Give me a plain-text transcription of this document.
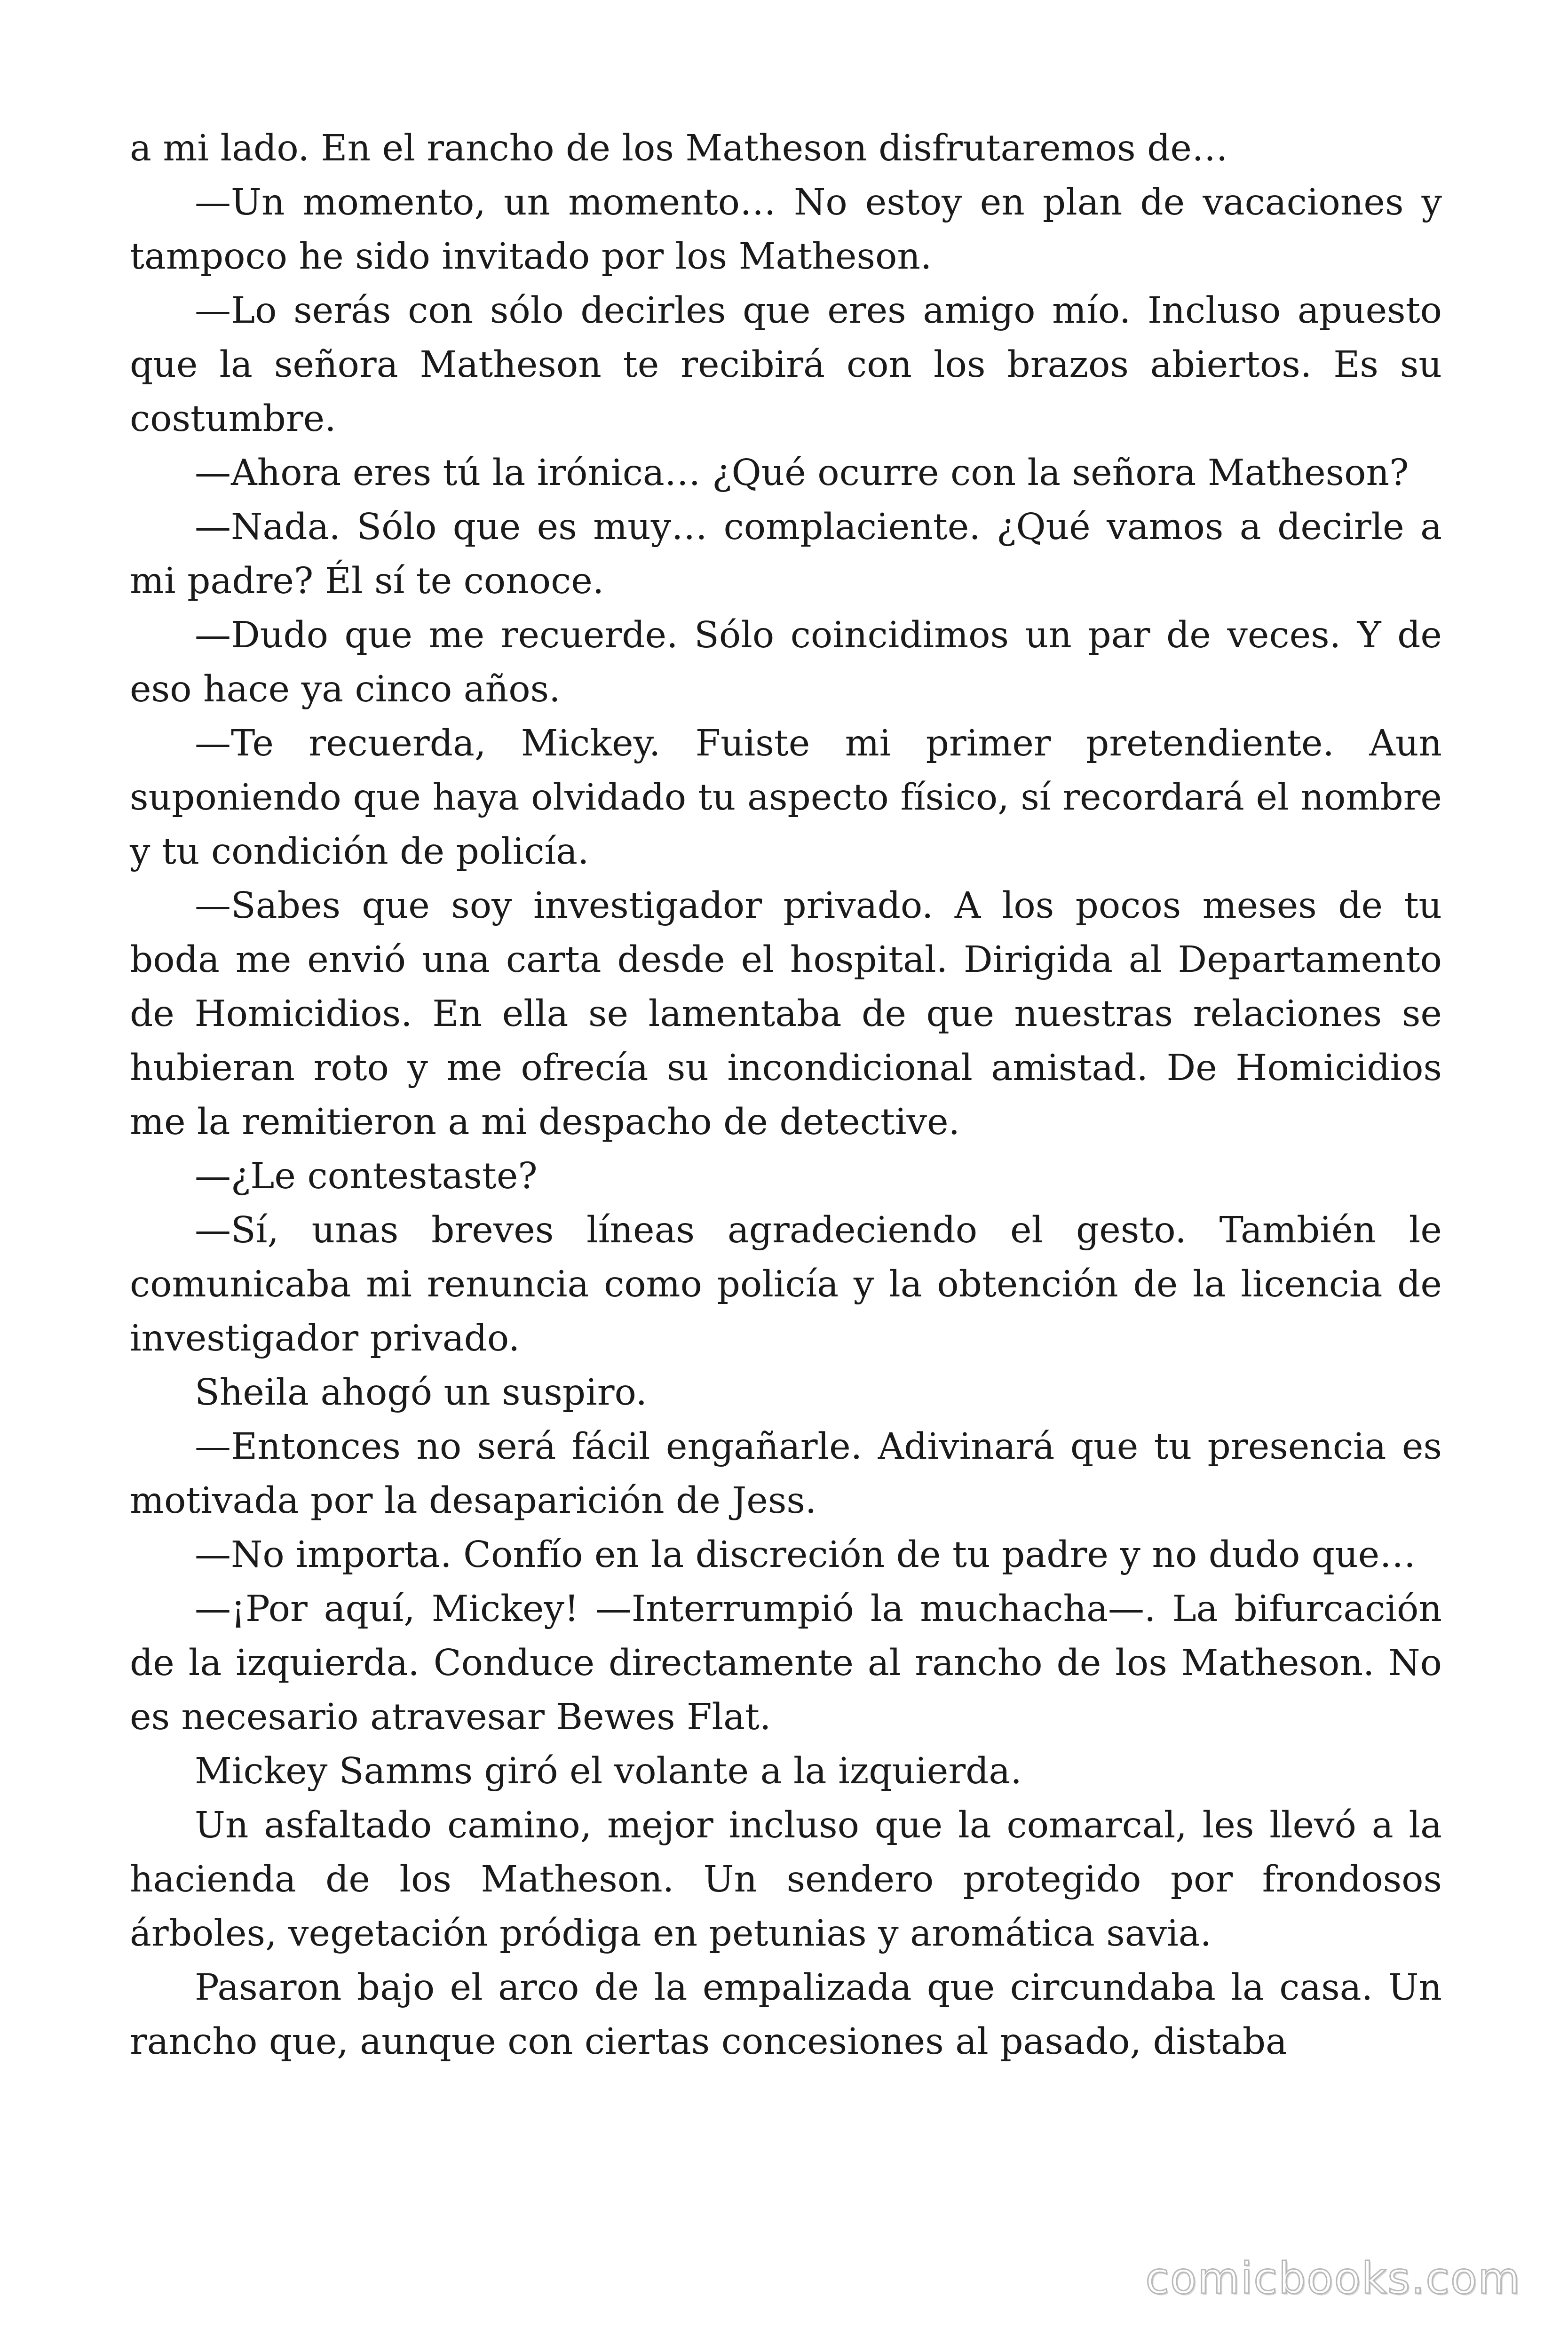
a mi lado. En el rancho de los Matheson disfrutaremos de…

—Un momento, un momento… No estoy en plan de vacaciones y tampoco he sido invitado por los Matheson.

—Lo serás con sólo decirles que eres amigo mío. Incluso apuesto que la señora Matheson te recibirá con los brazos abiertos. Es su costumbre.

—Ahora eres tú la irónica… ¿Qué ocurre con la señora Matheson?

—Nada. Sólo que es muy… complaciente. ¿Qué vamos a decirle a mi padre? Él sí te conoce.

—Dudo que me recuerde. Sólo coincidimos un par de veces. Y de eso hace ya cinco años.

—Te recuerda, Mickey. Fuiste mi primer pretendiente. Aun suponiendo que haya olvidado tu aspecto físico, sí recordará el nombre y tu condición de policía.

—Sabes que soy investigador privado. A los pocos meses de tu boda me envió una carta desde el hospital. Dirigida al Departamento de Homicidios. En ella se lamentaba de que nuestras relaciones se hubieran roto y me ofrecía su incondicional amistad. De Homicidios me la remitieron a mi despacho de detective.

—¿Le contestaste?

—Sí, unas breves líneas agradeciendo el gesto. También le comunicaba mi renuncia como policía y la obtención de la licencia de investigador privado.

Sheila ahogó un suspiro.

—Entonces no será fácil engañarle. Adivinará que tu presencia es motivada por la desaparición de Jess.

—No importa. Confío en la discreción de tu padre y no dudo que…

—¡Por aquí, Mickey! —Interrumpió la muchacha—. La bifurcación de la izquierda. Conduce directamente al rancho de los Matheson. No es necesario atravesar Bewes Flat.

Mickey Samms giró el volante a la izquierda.

Un asfaltado camino, mejor incluso que la comarcal, les llevó a la hacienda de los Matheson. Un sendero protegido por frondosos árboles, vegetación pródiga en petunias y aromática savia.

Pasaron bajo el arco de la empalizada que circundaba la casa. Un rancho que, aunque con ciertas concesiones al pasado, distaba

comicbooks.com
